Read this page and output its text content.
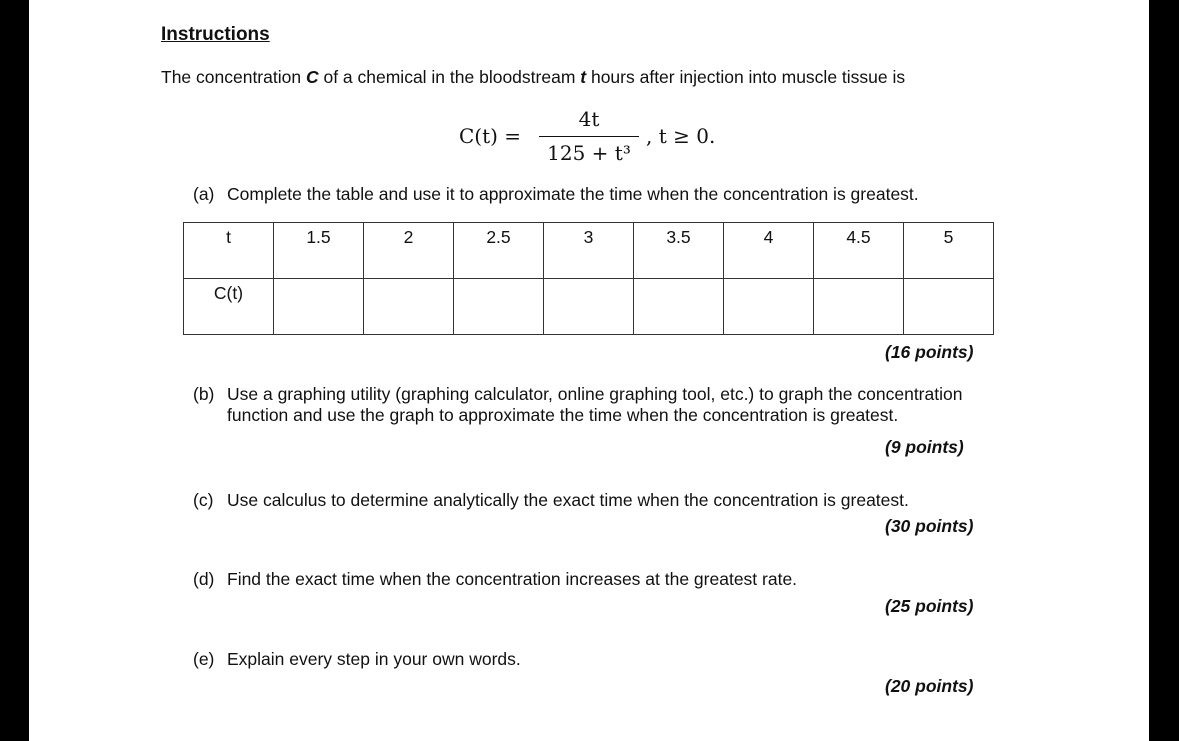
Instructions
The concentration C of a chemical in the bloodstream t hours after injection into muscle tissue is
C(t) =
4t
125 + t³
, t ≥ 0.
(a) Complete the table and use it to approximate the time when the concentration is greatest.
t	1.5	2	2.5	3	3.5	4	4.5	5
C(t)								
(16 points)
(b) Use a graphing utility (graphing calculator, online graphing tool, etc.) to graph the concentration
function and use the graph to approximate the time when the concentration is greatest.
(9 points)
(c) Use calculus to determine analytically the exact time when the concentration is greatest.
(30 points)
(d) Find the exact time when the concentration increases at the greatest rate.
(25 points)
(e) Explain every step in your own words.
(20 points)
